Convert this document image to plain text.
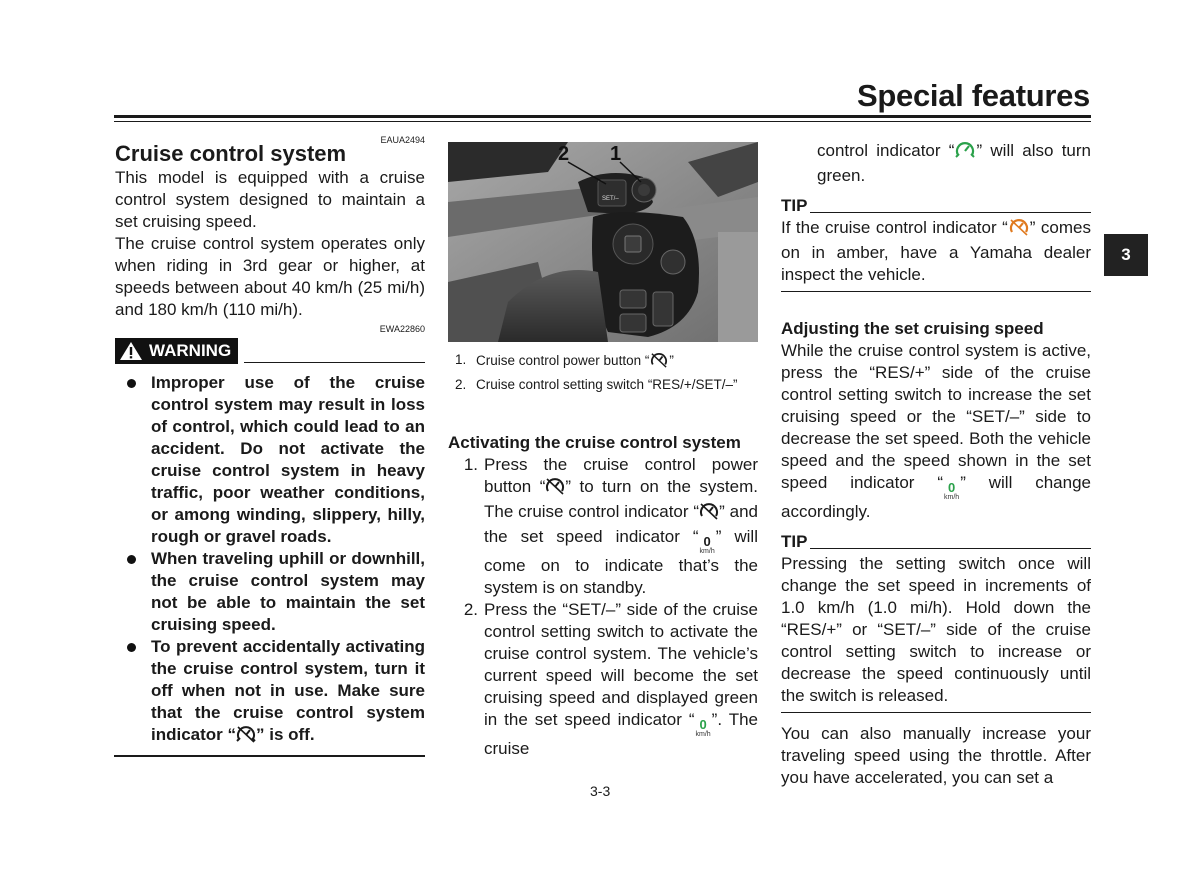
Special features
3
EAUA2494
Cruise control system

This model is equipped with a cruise control system designed to maintain a set cruising speed.

The cruise control system operates only when riding in 3rd gear or higher, at speeds between about 40 km/h (25 mi/h) and 180 km/h (110 mi/h).

EWA22860
WARNING
Improper use of the cruise control system may result in loss of control, which could lead to an accident. Do not activate the cruise control system in heavy traffic, poor weather conditions, or among winding, slippery, hilly, rough or gravel roads.
When traveling uphill or downhill, the cruise control system may not be able to maintain the set cruising speed.
To prevent accidentally activating the cruise control system, turn it off when not in use. Make sure that the cruise control system indicator “ ” is off.
SET/–
2 1
1. Cruise control power button “ ”
2. Cruise control setting switch “RES/+/SET/–”
Activating the cruise control system
1. Press the cruise control power button “ ” to turn on the system. The cruise control indicator “ ” and the set speed indicator “ 0
km/h
” will come on to indicate that’s the system is on standby.
2. Press the “SET/–” side of the cruise control setting switch to activate the cruise control system. The vehicle’s current speed will become the set cruising speed and displayed green in the set speed indicator “ 0
km/h
”. The cruise
3-3
control indicator “ ” will also turn green.
TIP
If the cruise control indicator “ ” comes on in amber, have a Yamaha dealer inspect the vehicle.
Adjusting the set cruising speed
While the cruise control system is active, press the “RES/+” side of the cruise control setting switch to increase the set cruising speed or the “SET/–” side to decrease the set speed. Both the vehicle speed and the speed shown in the set speed indicator “ 0
km/h
” will change accordingly.
TIP
Pressing the setting switch once will change the set speed in increments of 1.0 km/h (1.0 mi/h). Hold down the “RES/+” or “SET/–” side of the cruise control setting switch to increase or decrease the speed continuously until the switch is released.
You can also manually increase your traveling speed using the throttle. After you have accelerated, you can set a
